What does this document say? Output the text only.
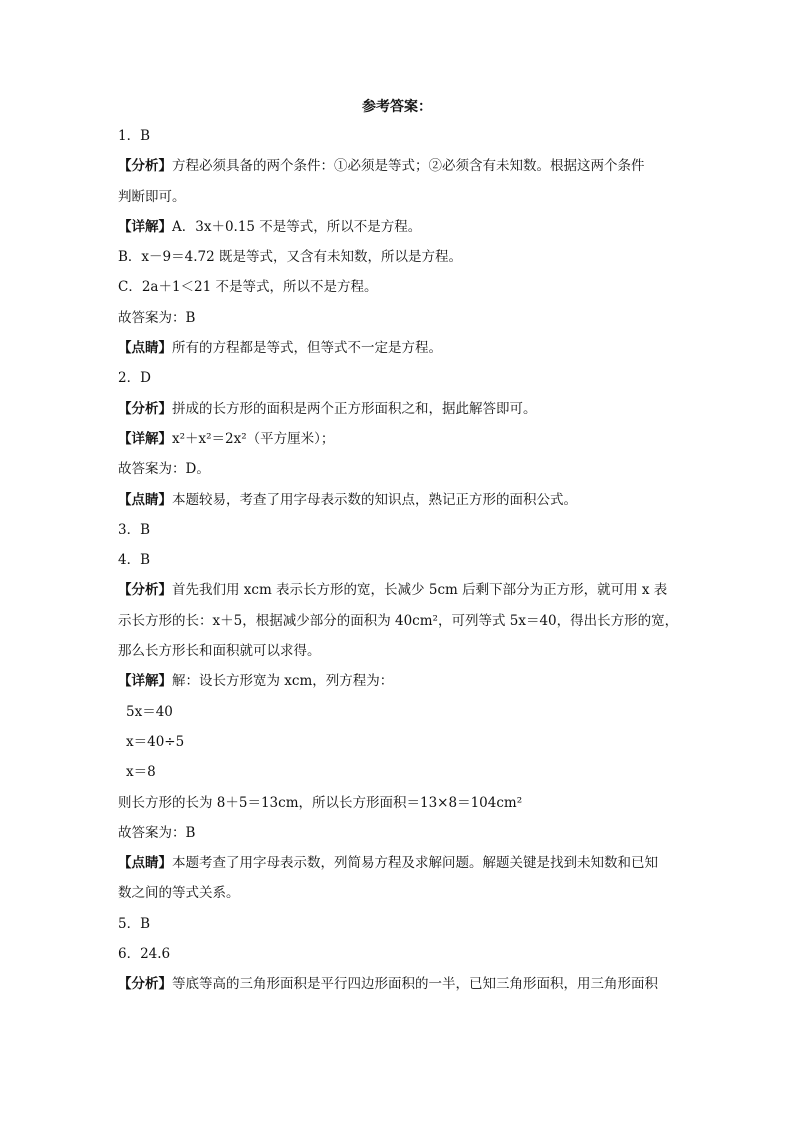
参考答案：
1．B
【分析】方程必须具备的两个条件：①必须是等式；②必须含有未知数。根据这两个条件
判断即可。
【详解】A．3x＋0.15 不是等式，所以不是方程。
B．x－9＝4.72 既是等式，又含有未知数，所以是方程。
C．2a＋1＜21 不是等式，所以不是方程。
故答案为：B
【点睛】所有的方程都是等式，但等式不一定是方程。
2．D
【分析】拼成的长方形的面积是两个正方形面积之和，据此解答即可。
【详解】x²＋x²＝2x²（平方厘米）；
故答案为：D。
【点睛】本题较易，考查了用字母表示数的知识点，熟记正方形的面积公式。
3．B
4．B
【分析】首先我们用 xcm 表示长方形的宽，长减少 5cm 后剩下部分为正方形，就可用 x 表
示长方形的长：x＋5，根据减少部分的面积为 40cm²，可列等式 5x＝40，得出长方形的宽，
那么长方形长和面积就可以求得。
【详解】解：设长方形宽为 xcm，列方程为：
5x＝40
x＝40÷5
x＝8
则长方形的长为 8＋5＝13cm，所以长方形面积＝13×8＝104cm²
故答案为：B
【点睛】本题考查了用字母表示数，列简易方程及求解问题。解题关键是找到未知数和已知
数之间的等式关系。
5．B
6．24.6
【分析】等底等高的三角形面积是平行四边形面积的一半，已知三角形面积，用三角形面积
